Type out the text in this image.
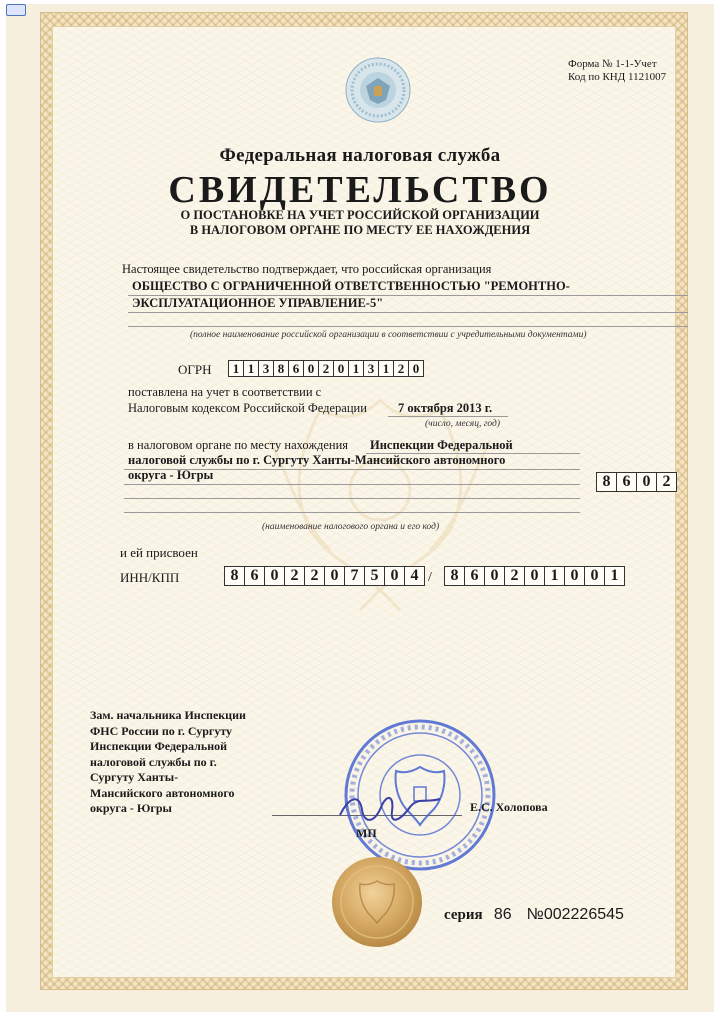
Форма № 1-1-Учет
Код по КНД 1121007
Федеральная налоговая служба
СВИДЕТЕЛЬСТВО
О ПОСТАНОВКЕ НА УЧЕТ РОССИЙСКОЙ ОРГАНИЗАЦИИ
В НАЛОГОВОМ ОРГАНЕ ПО МЕСТУ ЕЕ НАХОЖДЕНИЯ
Настоящее свидетельство подтверждает, что российская организация
ОБЩЕСТВО С ОГРАНИЧЕННОЙ ОТВЕТСТВЕННОСТЬЮ "РЕМОНТНО-
ЭКСПЛУАТАЦИОННОЕ УПРАВЛЕНИЕ-5"
(полное наименование российской организации в соответствии с учредительными документами)
ОГРН	1 1 3 8 6 0 2 0 1 3 1 2 0
поставлена на учет в соответствии с
Налоговым кодексом Российской Федерации 7 октября 2013 г.
(число, месяц, год)
в налоговом органе по месту нахождения Инспекции Федеральной
налоговой службы по г. Сургуту Ханты-Мансийского автономного
округа - Югры	8 6 0 2
(наименование налогового органа и его код)
и ей присвоен
ИНН/КПП	8 6 0 2 2 0 7 5 0 4 /	8 6 0 2 0 1 0 0 1
Зам. начальника Инспекции
ФНС России по г. Сургуту
Инспекции Федеральной
налоговой службы по г.
Сургуту Ханты-
Мансийского автономного
округа - Югры	Е.С. Холопова
МП
серия 86 №002226545
